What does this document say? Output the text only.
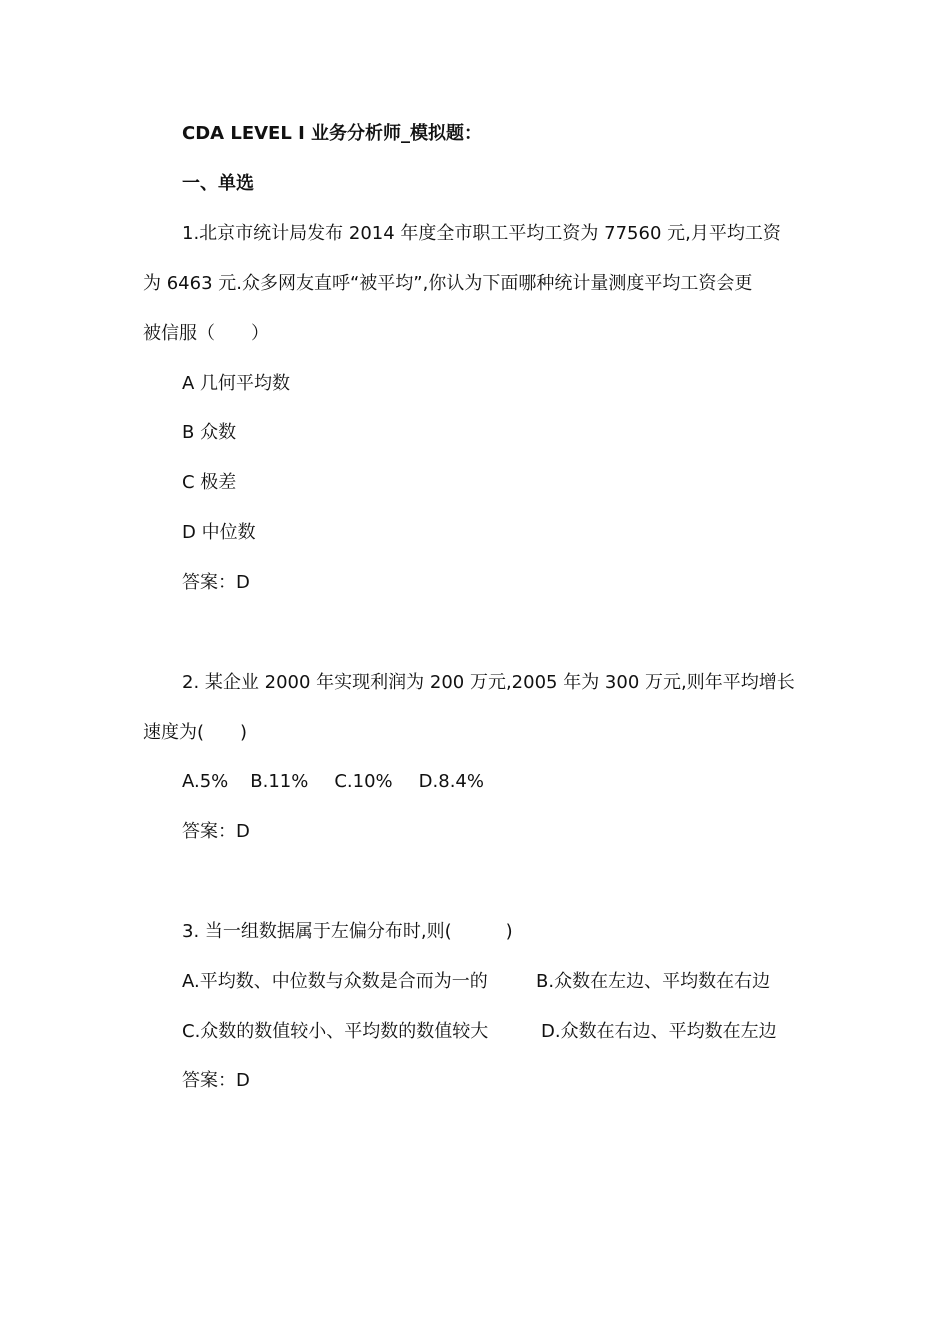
CDA LEVEL Ⅰ 业务分析师_模拟题：
一、单选
1.北京市统计局发布 2014 年度全市职工平均工资为 77560 元,月平均工资
为 6463 元.众多网友直呼“被平均”,你认为下面哪种统计量测度平均工资会更
被信服（　　）
A 几何平均数
B 众数
C 极差
D 中位数
答案：D
2. 某企业 2000 年实现利润为 200 万元,2005 年为 300 万元,则年平均增长
速度为(　　)
A.5% B.11% C.10% D.8.4%
答案：D
3. 当一组数据属于左偏分布时,则(　　　)
A.平均数、中位数与众数是合而为一的	B.众数在左边、平均数在右边
C.众数的数值较小、平均数的数值较大	D.众数在右边、平均数在左边
答案：D
